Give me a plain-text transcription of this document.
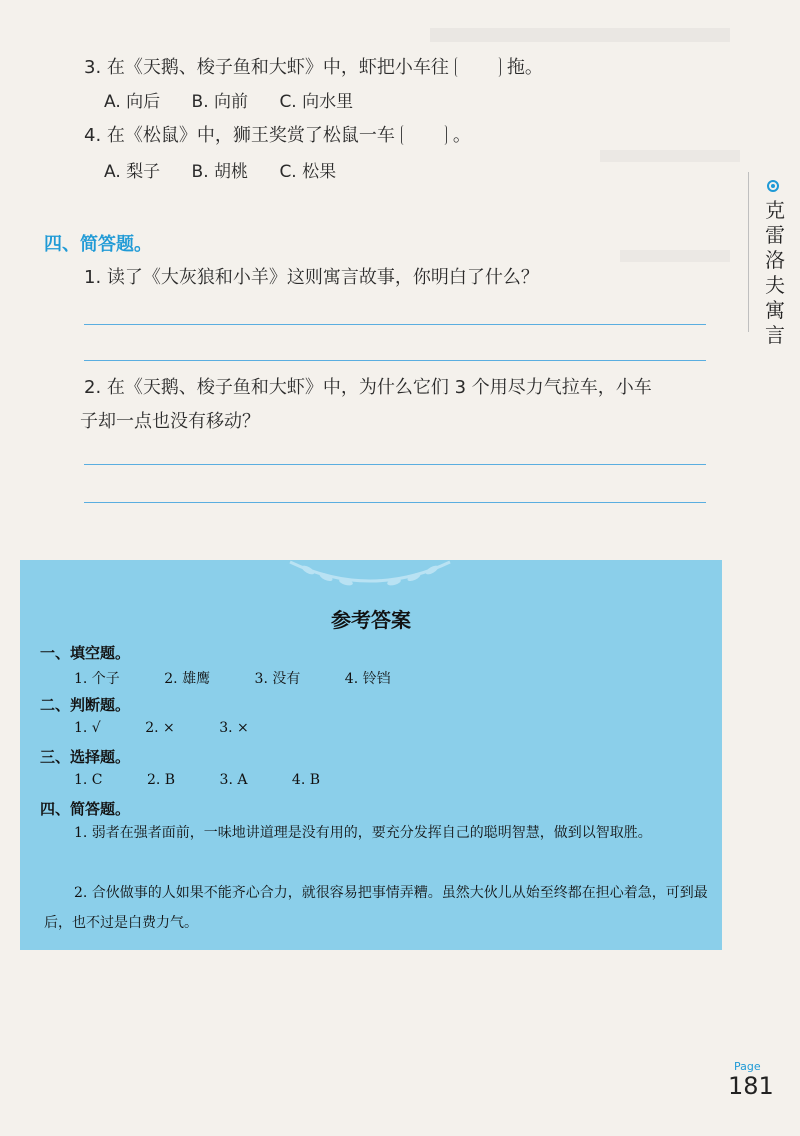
3. 在《天鹅、梭子鱼和大虾》中，虾把小车往	拖。
A. 向后 B. 向前 C. 向水里
4. 在《松鼠》中，狮王奖赏了松鼠一车	。
A. 梨子 B. 胡桃 C. 松果
四、简答题。
1. 读了《大灰狼和小羊》这则寓言故事，你明白了什么？
2. 在《天鹅、梭子鱼和大虾》中，为什么它们 3 个用尽力气拉车，小车
子却一点也没有移动？
克雷洛夫寓言
参考答案
一、填空题。
1. 个子	2. 雄鹰	3. 没有	4. 铃铛
二、判断题。
1. √	2. ×	3. ×
三、选择题。
1. C	2. B	3. A	4. B
四、简答题。
1. 弱者在强者面前，一味地讲道理是没有用的，要充分发挥自己的聪明智慧，做到以智取胜。
2. 合伙做事的人如果不能齐心合力，就很容易把事情弄糟。虽然大伙儿从始至终都在担心着急，可到最后，也不过是白费力气。
Page
181
